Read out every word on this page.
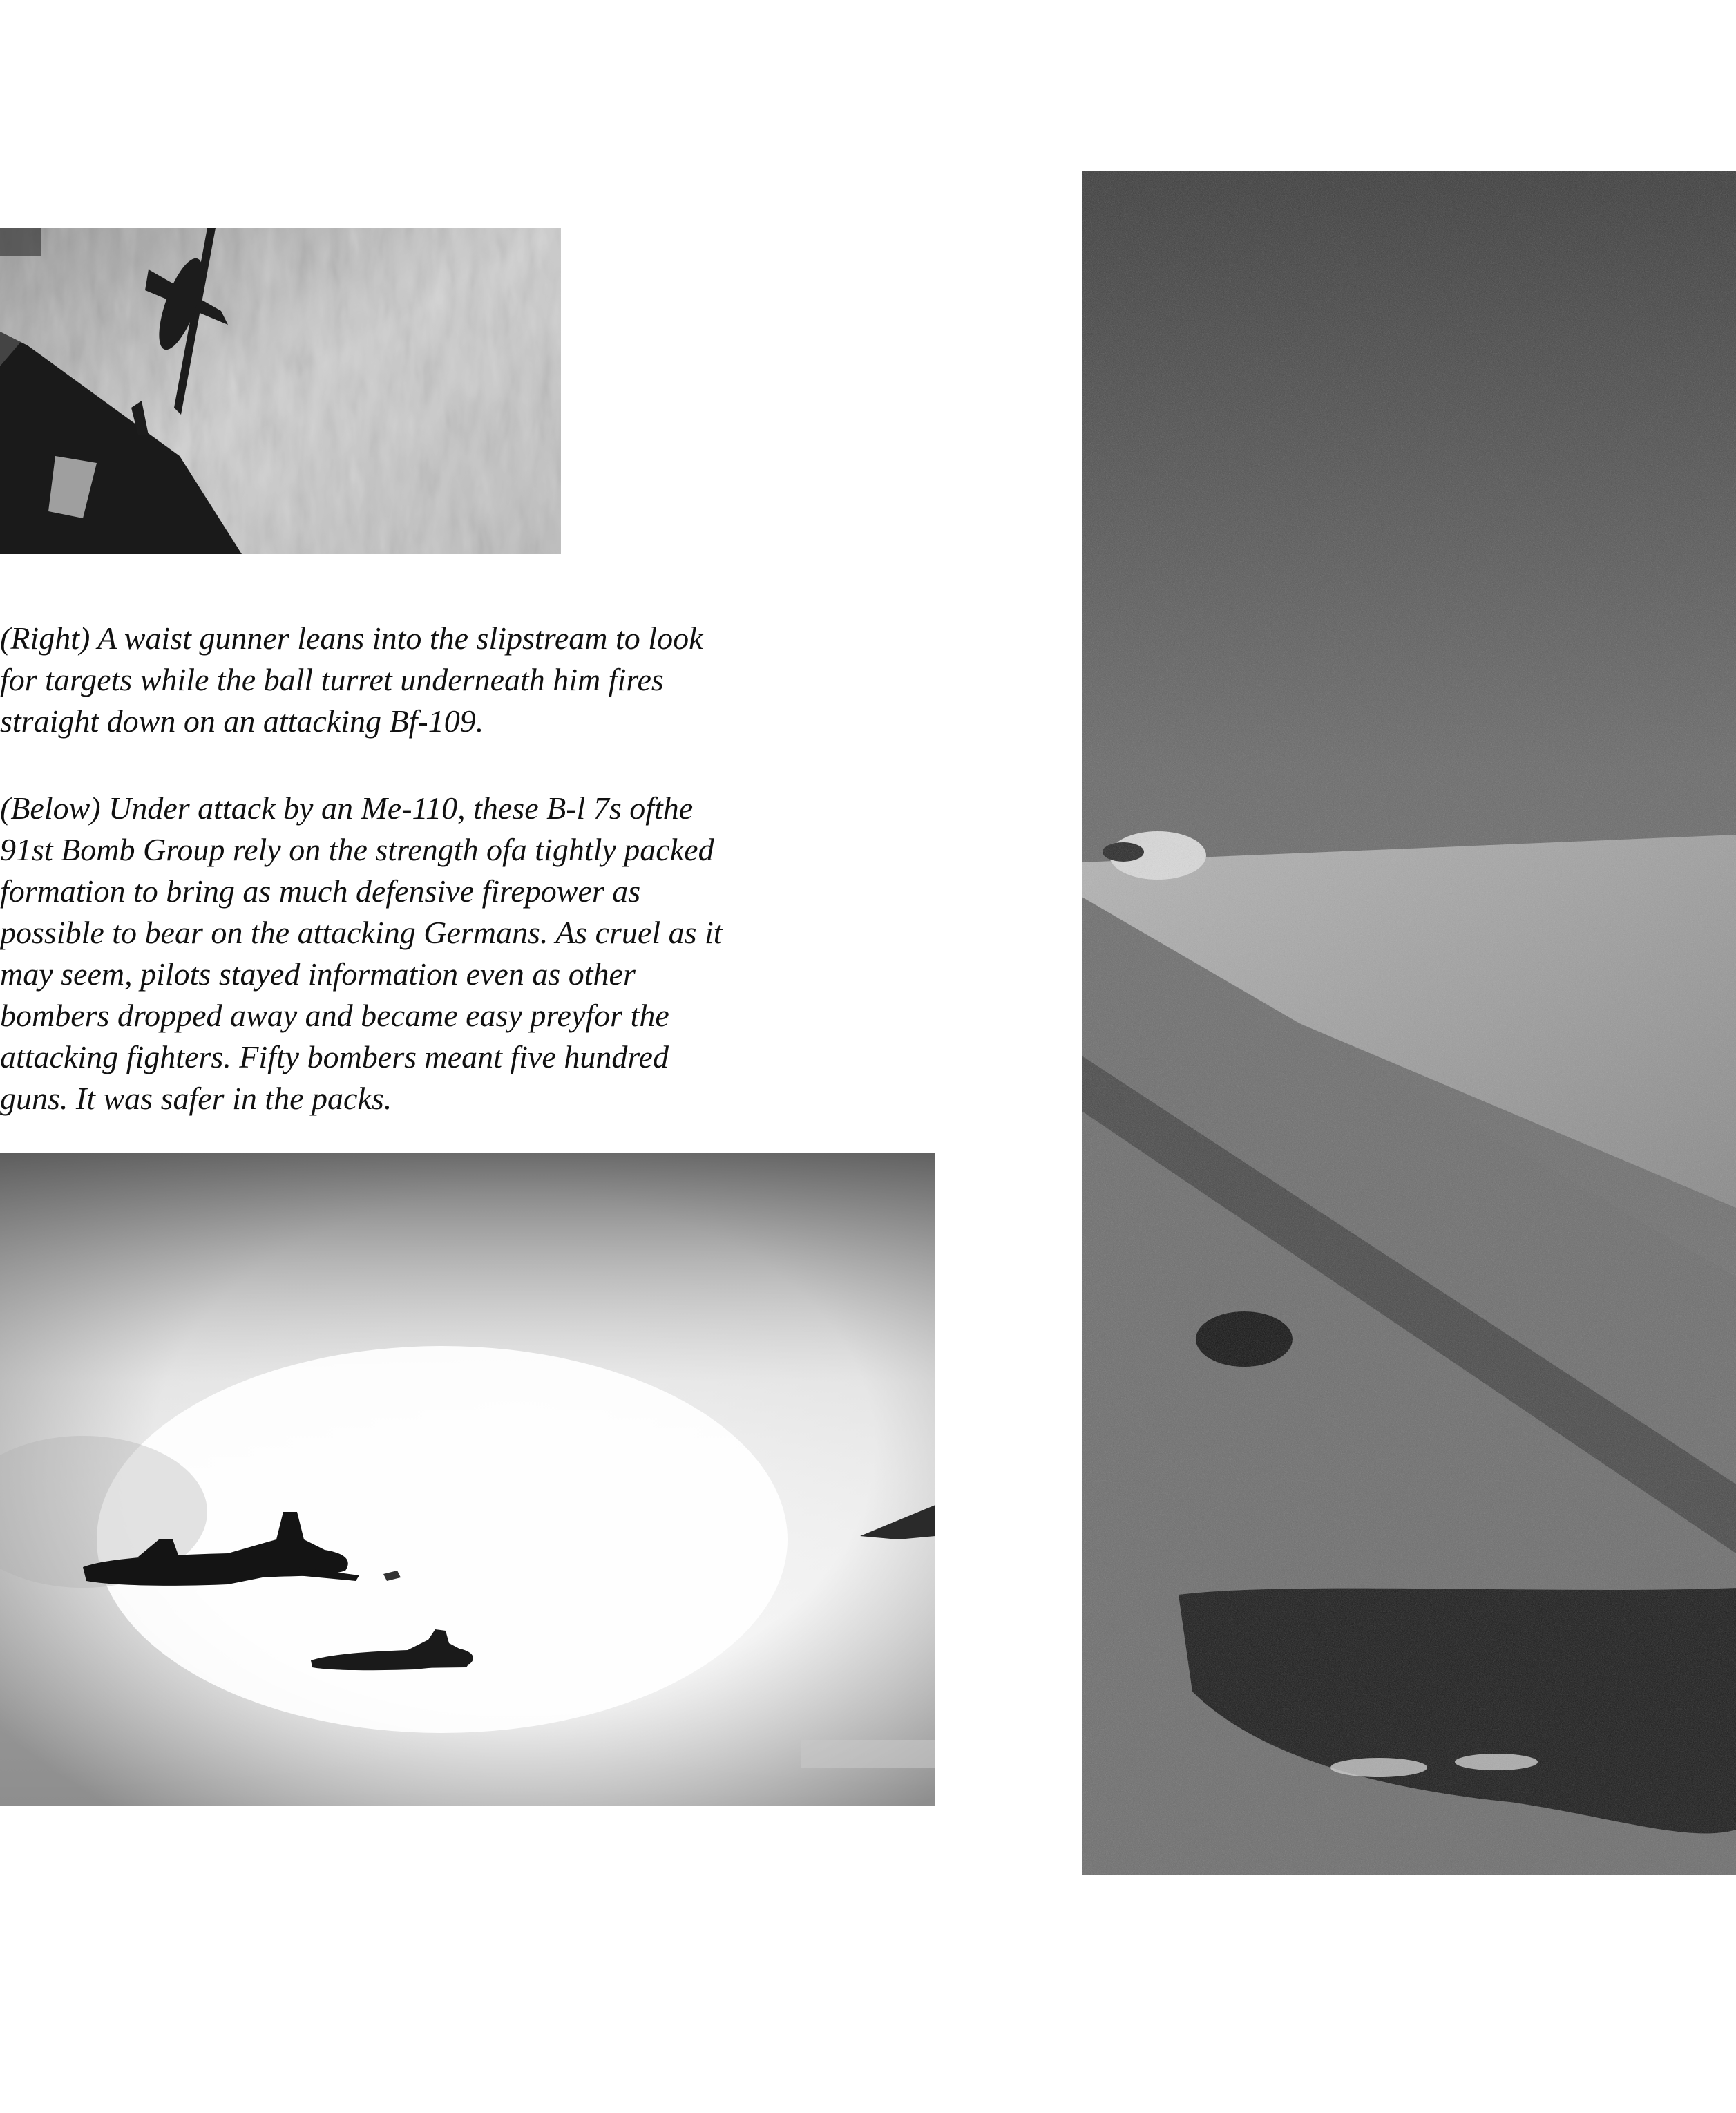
(Right) A waist gunner leans into the slipstream to look
for targets while the ball turret underneath him fires
straight down on an attacking Bf-109.
(Below) Under attack by an Me-110, these B-l 7s ofthe
91st Bomb Group rely on the strength ofa tightly packed
formation to bring as much defensive firepower as
possible to bear on the attacking Germans. As cruel as it
may seem, pilots stayed information even as other
bombers dropped away and became easy preyfor the
attacking fighters. Fifty bombers meant five hundred
guns. It was safer in the packs.
